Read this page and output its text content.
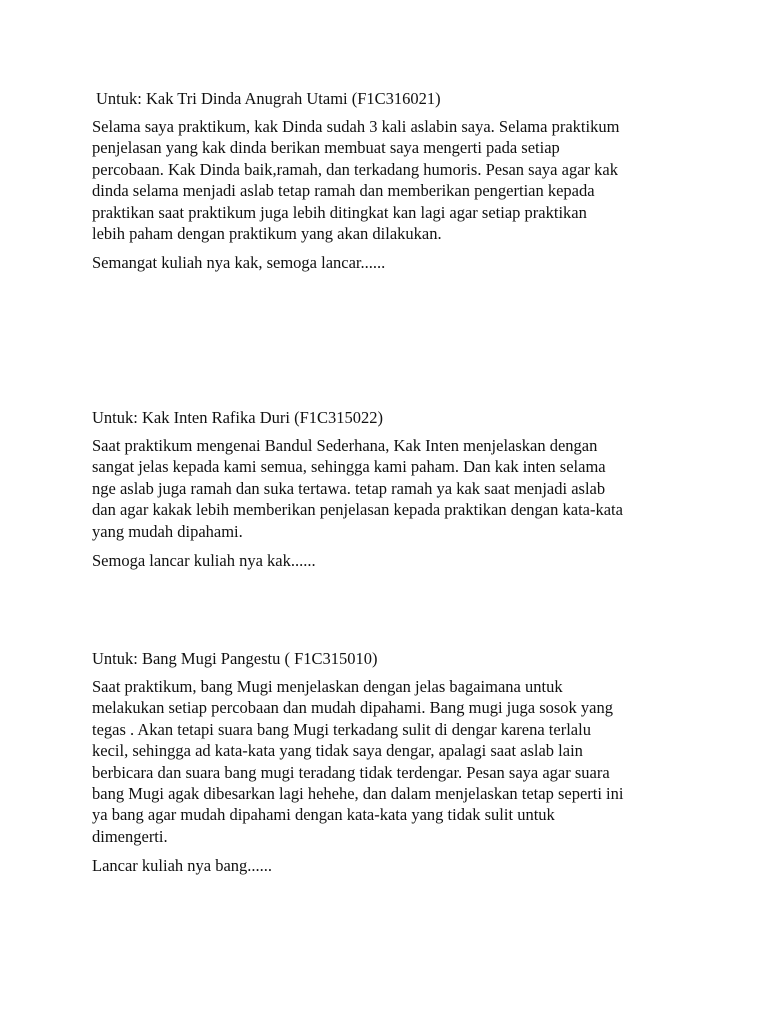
Untuk: Kak Tri Dinda Anugrah Utami (F1C316021)

Selama saya praktikum, kak Dinda sudah 3 kali aslabin saya. Selama praktikum
penjelasan yang kak dinda berikan membuat saya mengerti pada setiap
percobaan. Kak Dinda baik,ramah, dan terkadang humoris. Pesan saya agar kak
dinda selama menjadi aslab tetap ramah dan memberikan pengertian kepada
praktikan saat praktikum juga lebih ditingkat kan lagi agar setiap praktikan
lebih paham dengan praktikum yang akan dilakukan.

Semangat kuliah nya kak, semoga lancar......

Untuk: Kak Inten Rafika Duri (F1C315022)

Saat praktikum mengenai Bandul Sederhana, Kak Inten menjelaskan dengan
sangat jelas kepada kami semua, sehingga kami paham. Dan kak inten selama
nge aslab juga ramah dan suka tertawa. tetap ramah ya kak saat menjadi aslab
dan agar kakak lebih memberikan penjelasan kepada praktikan dengan kata-kata
yang mudah dipahami.

Semoga lancar kuliah nya kak......

Untuk: Bang Mugi Pangestu ( F1C315010)

Saat praktikum, bang Mugi menjelaskan dengan jelas bagaimana untuk
melakukan setiap percobaan dan mudah dipahami. Bang mugi juga sosok yang
tegas . Akan tetapi suara bang Mugi terkadang sulit di dengar karena terlalu
kecil, sehingga ad kata-kata yang tidak saya dengar, apalagi saat aslab lain
berbicara dan suara bang mugi teradang tidak terdengar. Pesan saya agar suara
bang Mugi agak dibesarkan lagi hehehe, dan dalam menjelaskan tetap seperti ini
ya bang agar mudah dipahami dengan kata-kata yang tidak sulit untuk
dimengerti.

Lancar kuliah nya bang......
